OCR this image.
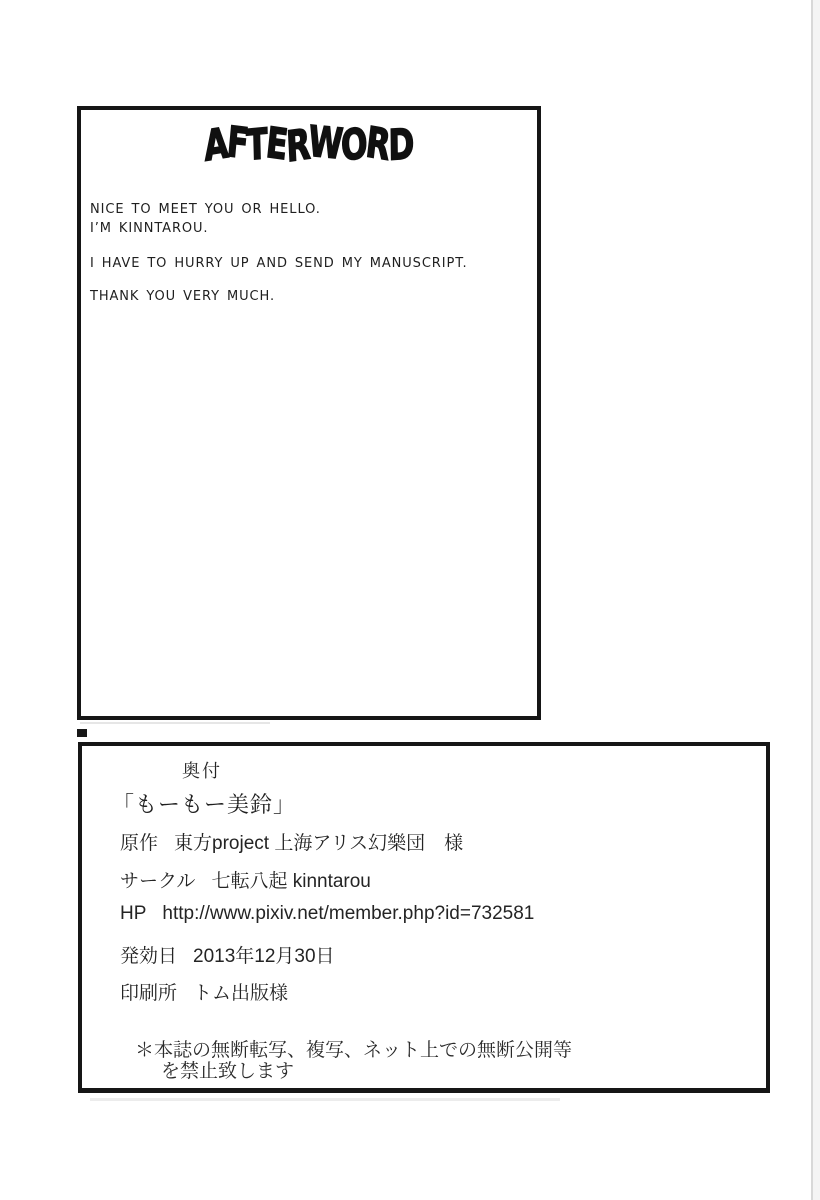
AFTERWORD
NICE TO MEET YOU OR HELLO.
I’M KINNTAROU.
I HAVE TO HURRY UP AND SEND MY MANUSCRIPT.
THANK YOU VERY MUCH.
奥付
「もーもー美鈴」
原作 東方project 上海アリス幻樂団　様
サークル 七転八起 kinntarou
HP http://www.pixiv.net/member.php?id=732581
発効日 2013年12月30日
印刷所 トム出版様
＊本誌の無断転写、複写、ネット上での無断公開等
を禁止致します
